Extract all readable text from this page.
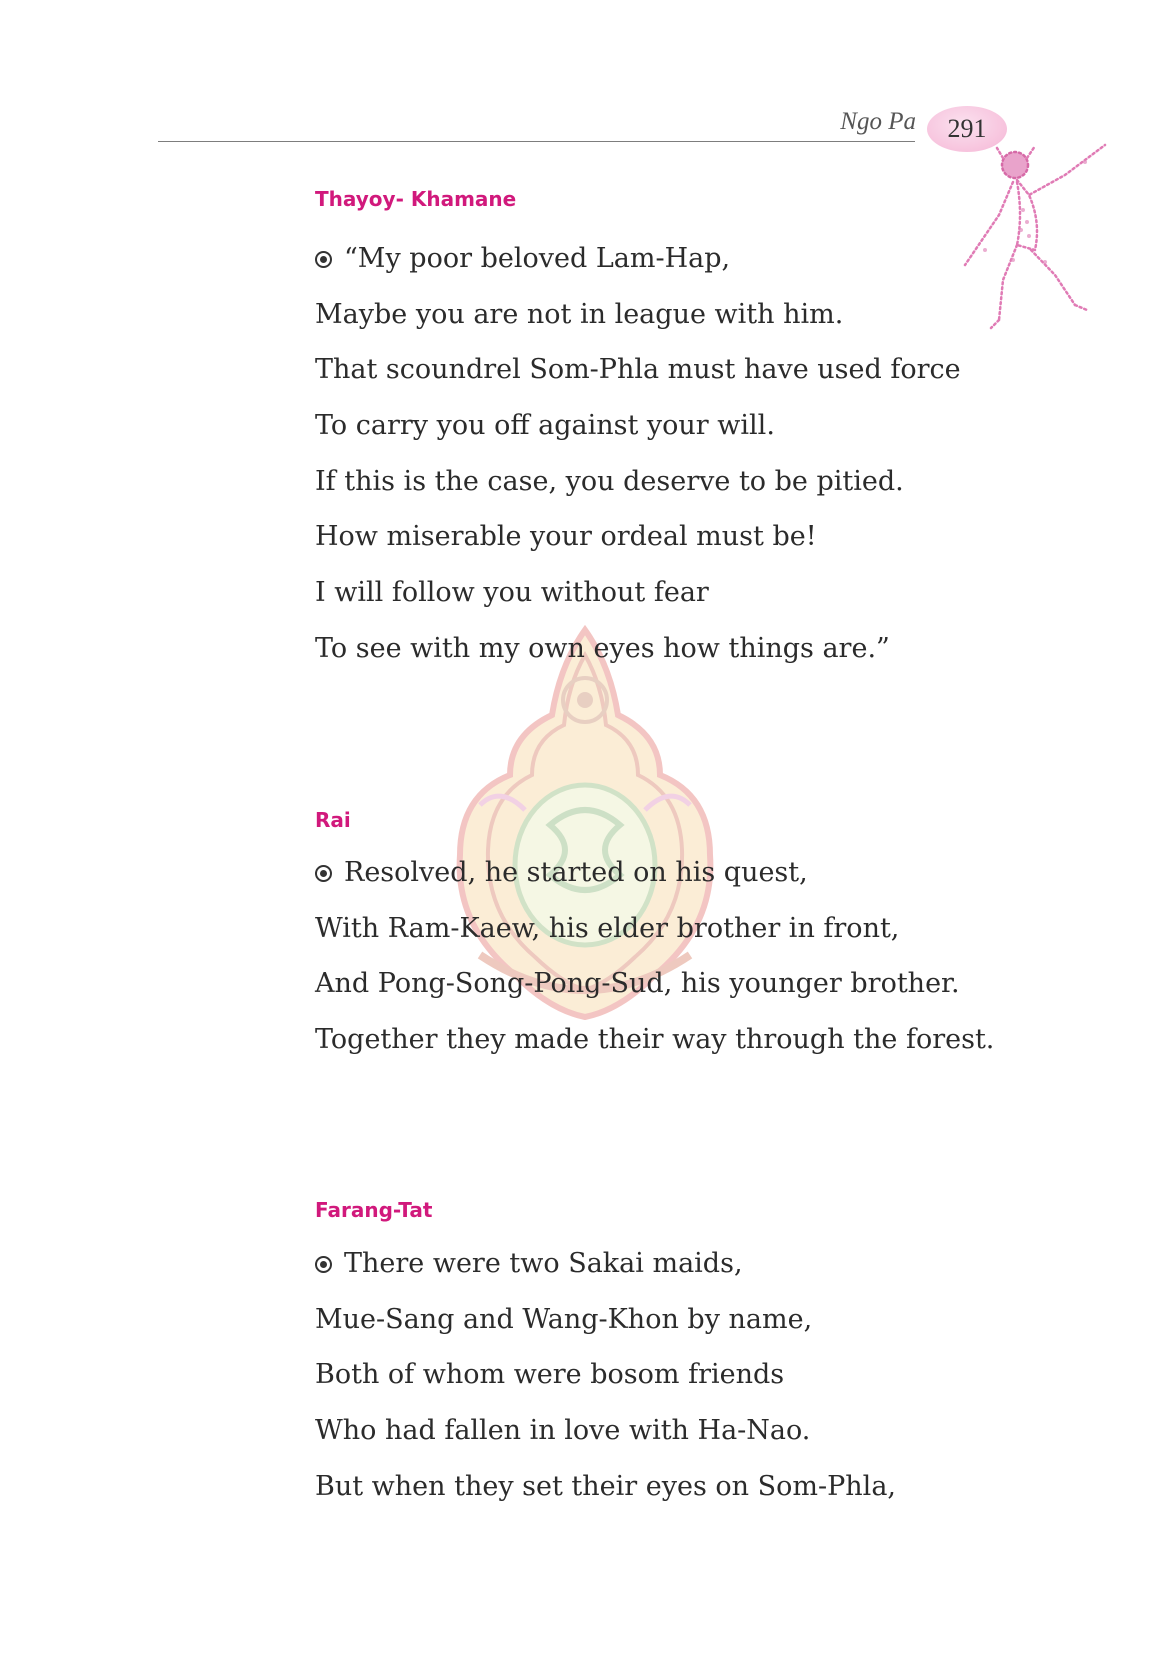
Ngo Pa	291
Thayoy- Khamane
“My poor beloved Lam-Hap,
Maybe you are not in league with him.
That scoundrel Som-Phla must have used force
To carry you off against your will.
If this is the case, you deserve to be pitied.
How miserable your ordeal must be!
I will follow you without fear
To see with my own eyes how things are.”
Rai
Resolved, he started on his quest,
With Ram-Kaew, his elder brother in front,
And Pong-Song-Pong-Sud, his younger brother.
Together they made their way through the forest.
Farang-Tat
There were two Sakai maids,
Mue-Sang and Wang-Khon by name,
Both of whom were bosom friends
Who had fallen in love with Ha-Nao.
But when they set their eyes on Som-Phla,
